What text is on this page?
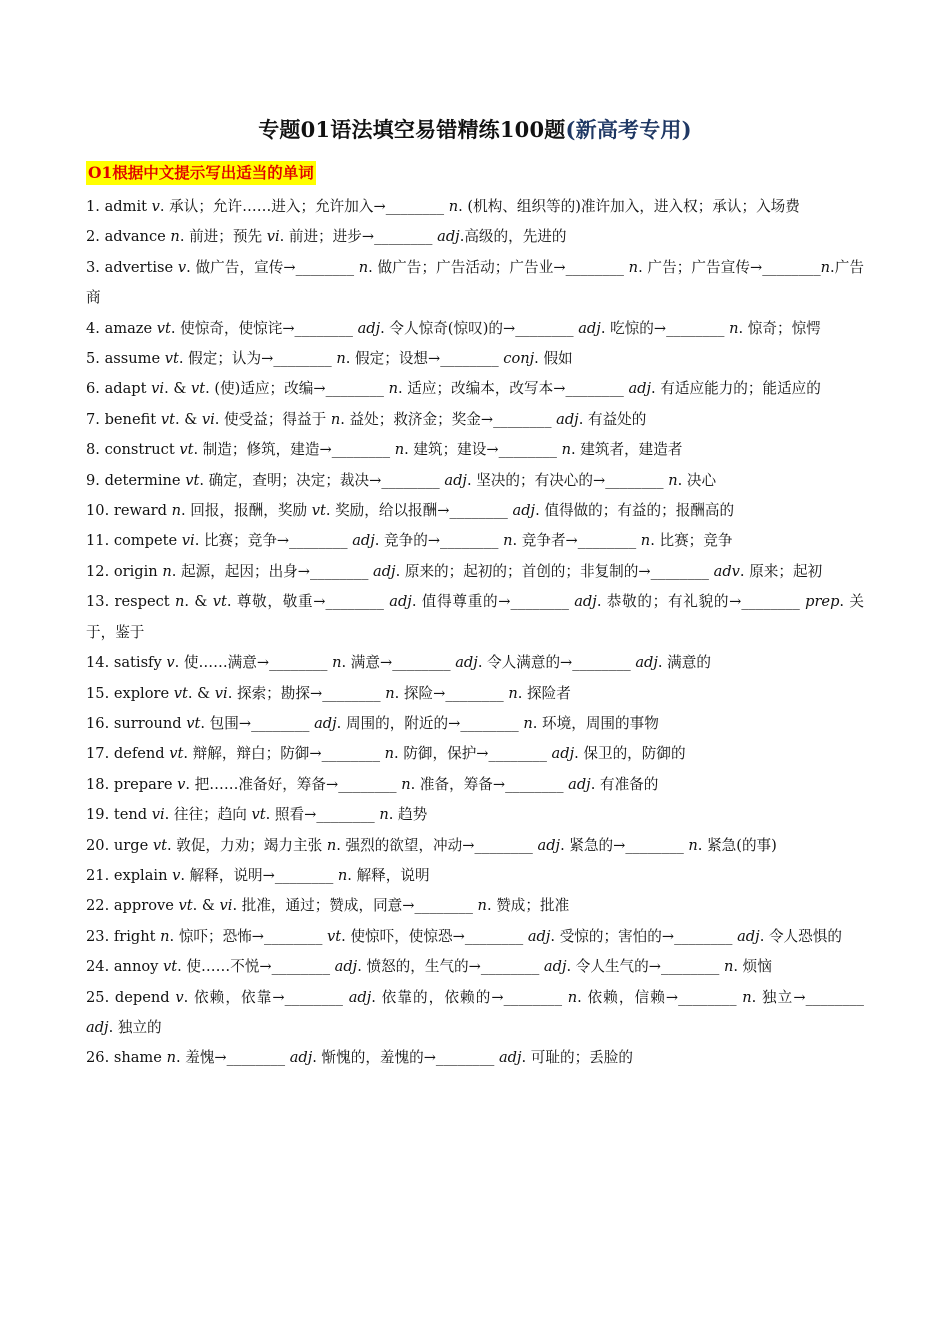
专题01语法填空易错精练100题(新高考专用)
O1根据中文提示写出适当的单词

1. admit v. 承认；允许……进入；允许加入→________ n. (机构、组织等的)准许加入，进入权；承认；入场费

2. advance n. 前进；预先 vi. 前进；进步→________ adj.高级的，先进的

3. advertise v. 做广告，宣传→________ n. 做广告；广告活动；广告业→________ n. 广告；广告宣传→________n.广告商

4. amaze vt. 使惊奇，使惊诧→________ adj. 令人惊奇(惊叹)的→________ adj. 吃惊的→________ n. 惊奇；惊愕

5. assume vt. 假定；认为→________ n. 假定；设想→________ conj. 假如

6. adapt vi. & vt. (使)适应；改编→________ n. 适应；改编本，改写本→________ adj. 有适应能力的；能适应的

7. benefit vt. & vi. 使受益；得益于 n. 益处；救济金；奖金→________ adj. 有益处的

8. construct vt. 制造；修筑，建造→________ n. 建筑；建设→________ n. 建筑者，建造者

9. determine vt. 确定，查明；决定；裁决→________ adj. 坚决的；有决心的→________ n. 决心

10. reward n. 回报，报酬，奖励 vt. 奖励，给以报酬→________ adj. 值得做的；有益的；报酬高的

11. compete vi. 比赛；竞争→________ adj. 竞争的→________ n. 竞争者→________ n. 比赛；竞争

12. origin n. 起源，起因；出身→________ adj. 原来的；起初的；首创的；非复制的→________ adv. 原来；起初

13. respect n. & vt. 尊敬，敬重→________ adj. 值得尊重的→________ adj. 恭敬的；有礼貌的→________ prep. 关于，鉴于

14. satisfy v. 使……满意→________ n. 满意→________ adj. 令人满意的→________ adj. 满意的

15. explore vt. & vi. 探索；勘探→________ n. 探险→________ n. 探险者

16. surround vt. 包围→________ adj. 周围的，附近的→________ n. 环境，周围的事物

17. defend vt. 辩解，辩白；防御→________ n. 防御，保护→________ adj. 保卫的，防御的

18. prepare v. 把……准备好，筹备→________ n. 准备，筹备→________ adj. 有准备的

19. tend vi. 往往；趋向 vt. 照看→________ n. 趋势

20. urge vt. 敦促，力劝；竭力主张 n. 强烈的欲望，冲动→________ adj. 紧急的→________ n. 紧急(的事)

21. explain v. 解释，说明→________ n. 解释，说明

22. approve vt. & vi. 批准，通过；赞成，同意→________ n. 赞成；批准

23. fright n. 惊吓；恐怖→________ vt. 使惊吓，使惊恐→________ adj. 受惊的；害怕的→________ adj. 令人恐惧的

24. annoy vt. 使……不悦→________ adj. 愤怒的，生气的→________ adj. 令人生气的→________ n. 烦恼

25. depend v. 依赖，依靠→________ adj. 依靠的，依赖的→________ n. 依赖，信赖→________ n. 独立→________ adj. 独立的

26. shame n. 羞愧→________ adj. 惭愧的，羞愧的→________ adj. 可耻的；丢脸的
